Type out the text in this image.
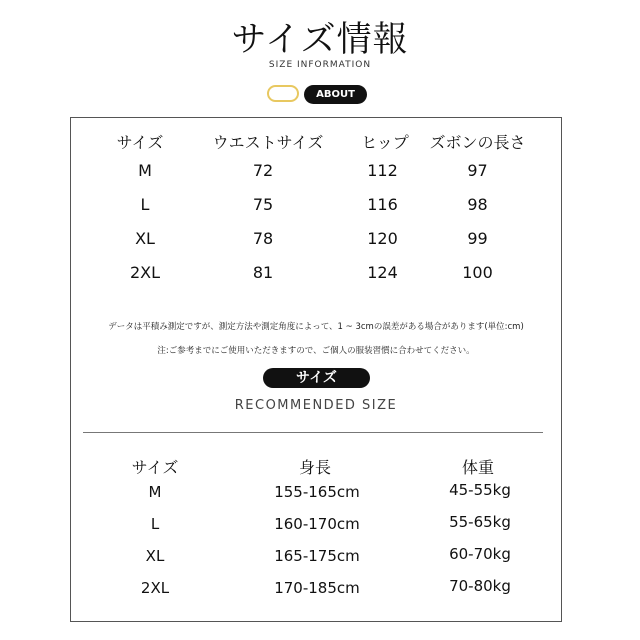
サイズ情報
SIZE INFORMATION
ABOUT
サイズ	ウエストサイズ	ヒップ	ズボンの長さ
M	72	112	97
L	75	116	98
XL	78	120	99
2XL	81	124	100
データは平積み測定ですが、測定方法や測定角度によって、1 ~ 3cmの誤差がある場合があります(単位:cm)
注:ご参考までにご使用いただきますので、ご個人の服装習慣に合わせてください。
サイズ
RECOMMENDED SIZE
サイズ	身長	体重
M	155-165cm	45-55kg
L	160-170cm	55-65kg
XL	165-175cm	60-70kg
2XL	170-185cm	70-80kg
